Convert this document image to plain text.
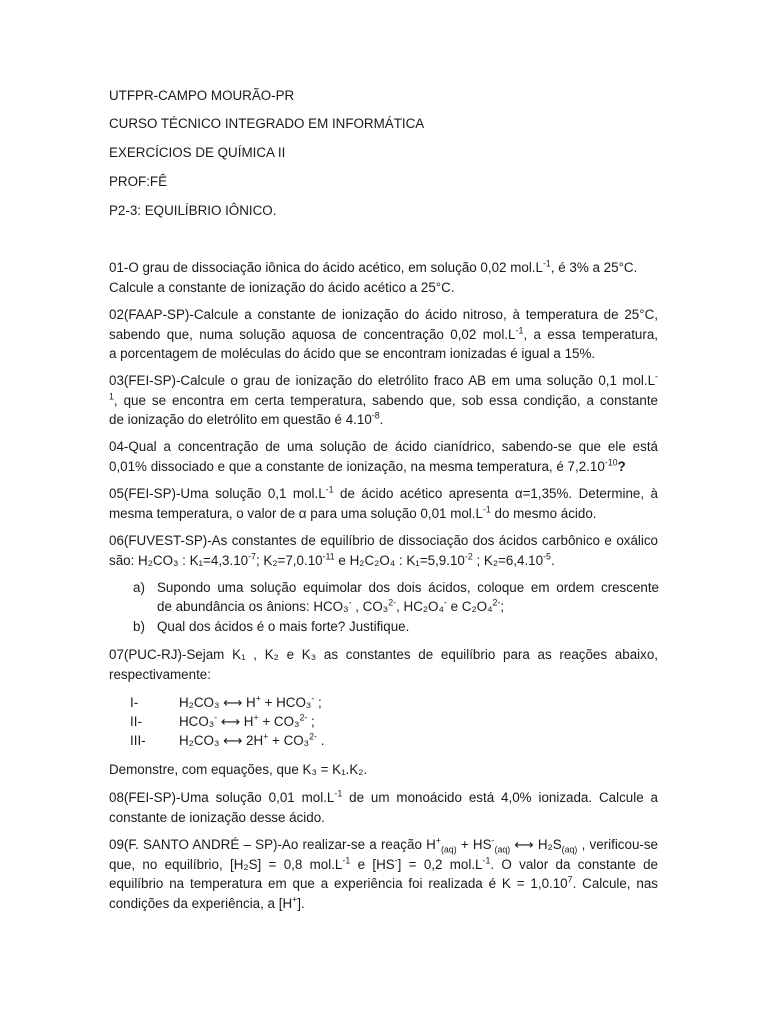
UTFPR-CAMPO MOURÃO-PR
CURSO TÉCNICO INTEGRADO EM INFORMÁTICA
EXERCÍCIOS DE QUÍMICA II
PROF:FÊ
P2-3: EQUILÍBRIO IÔNICO.
01-O grau de dissociação iônica do ácido acético, em solução 0,02 $mol.L^{-1}$, é 3% a 25°C.
Calcule a constante de ionização do ácido acético a 25°C.
02(FAAP-SP)-Calcule a constante de ionização do ácido nitroso, à temperatura de 25°C,
sabendo que, numa solução aquosa de concentração 0,02 $mol.L^{-1}$, a essa temperatura,
a porcentagem de moléculas do ácido que se encontram ionizadas é igual a 15%.
03(FEI-SP)-Calcule o grau de ionização do eletrólito fraco AB em uma solução 0,1 mol.L-
$^1$, que se encontra em certa temperatura, sabendo que, sob essa condição, a constante
de ionização do eletrólito em questão é $4.10^{-8}$.
04-Qual a concentração de uma solução de ácido cianídrico, sabendo-se que ele está
0,01% dissociado e que a constante de ionização, na mesma temperatura, é $7,2.10^{-10}$?
05(FEI-SP)-Uma solução 0,1 $mol.L^{-1}$ de ácido acético apresenta α=1,35%. Determine, à
mesma temperatura, o valor de α para uma solução 0,01 $mol.L^{-1}$ do mesmo ácido.
06(FUVEST-SP)-As constantes de equilíbrio de dissociação dos ácidos carbônico e oxálico
são: H₂CO₃ : $K_1=4,3.10^{-7}$; $K_2=7,0.10^{-11}$ e H₂C₂O₄ : $K_1=5,9.10^{-2}$ ; $K_2=6,4.10^{-5}$.
a) Supondo uma solução equimolar dos dois ácidos, coloque em ordem crescente
de abundância os ânions: HCO₃- , CO₃$^{2-}$, HC₂O₄- e C₂O₄$^{2-}$;
b) Qual dos ácidos é o mais forte? Justifique.
07(PUC-RJ)-Sejam K₁ , K₂ e K₃ as constantes de equilíbrio para as reações abaixo,
respectivamente:
I-	H₂CO₃ ⟷ H+ + HCO₃- ;
II-	HCO₃- ⟷ H+ + CO₃$^{2-}$ ;
III- H₂CO₃ ⟷ 2H+ + CO₃$^{2-}$ .
Demonstre, com equações, que K₃ = K₁.K₂.
08(FEI-SP)-Uma solução 0,01 $mol.L^{-1}$ de um monoácido está 4,0% ionizada. Calcule a
constante de ionização desse ácido.
09(F. SANTO ANDRÉ – SP)-Ao realizar-se a reação $H^+_{(aq)} + HS^-_{(aq)}$ ⟷ $H_2S_{(aq)}$ , verificou-se
que, no equilíbrio, [H₂S] = 0,8 $mol.L^{-1}$ e [HS-] = 0,2 $mol.L^{-1}$. O valor da constante de
equilíbrio na temperatura em que a experiência foi realizada é $K = 1,0.10^7$. Calcule, nas
condições da experiência, a [H+].
